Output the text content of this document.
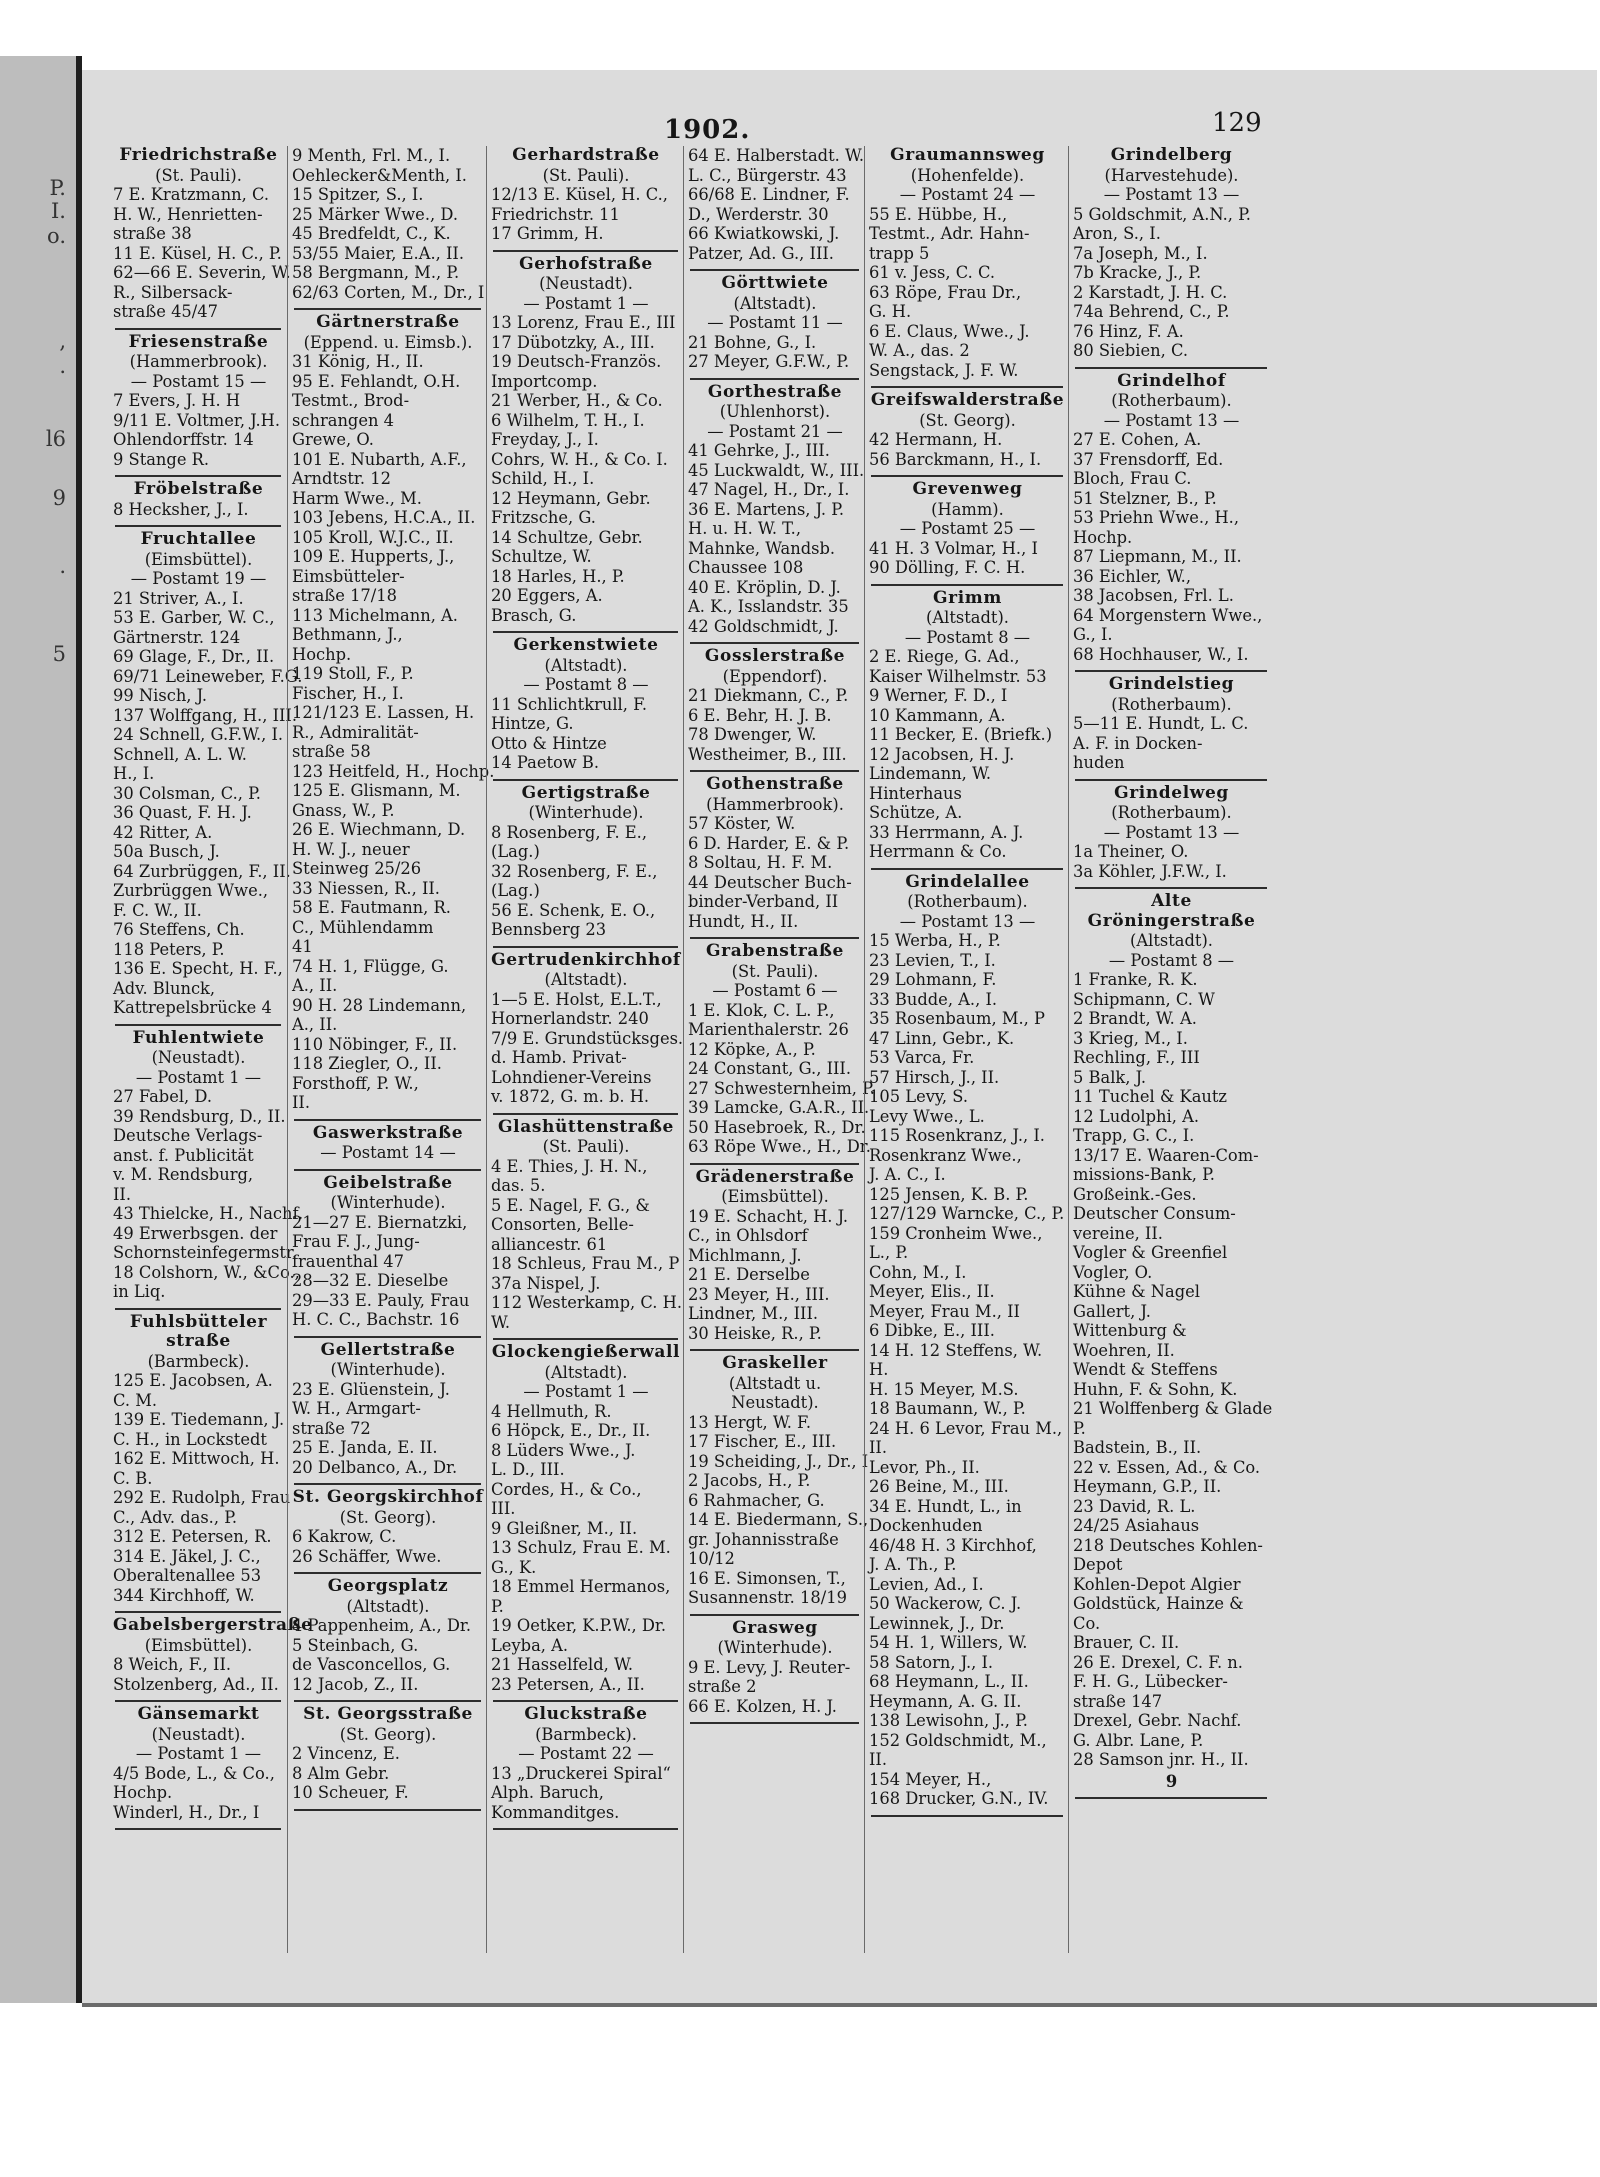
P.
I.
o.
,
.
l6
9
.
5
1902.	129
Friedrichstraße
(St. Pauli).
7 E. Kratzmann, C.
H. W., Henrietten-
straße 38
11 E. Küsel, H. C., P.
62—66 E. Severin, W.
R., Silbersack-
straße 45/47
Friesenstraße
(Hammerbrook).
— Postamt 15 —
7 Evers, J. H. H
9/11 E. Voltmer, J.H.
Ohlendorffstr. 14
9 Stange R.
Fröbelstraße
8 Hecksher, J., I.
Fruchtallee
(Eimsbüttel).
— Postamt 19 —
21 Striver, A., I.
53 E. Garber, W. C.,
Gärtnerstr. 124
69 Glage, F., Dr., II.
69/71 Leineweber, F.G.
99 Nisch, J.
137 Wolffgang, H., III.
24 Schnell, G.F.W., I.
Schnell, A. L. W.
H., I.
30 Colsman, C., P.
36 Quast, F. H. J.
42 Ritter, A.
50a Busch, J.
64 Zurbrüggen, F., II.
Zurbrüggen Wwe.,
F. C. W., II.
76 Steffens, Ch.
118 Peters, P.
136 E. Specht, H. F.,
Adv. Blunck,
Kattrepelsbrücke 4
Fuhlentwiete
(Neustadt).
— Postamt 1 —
27 Fabel, D.
39 Rendsburg, D., II.
Deutsche Verlags-
anst. f. Publicität
v. M. Rendsburg,
II.
43 Thielcke, H., Nachf.
49 Erwerbsgen. der
Schornsteinfegermstr.
18 Colshorn, W., &Co.,
in Liq.
Fuhlsbütteler straße
(Barmbeck).
125 E. Jacobsen, A.
C. M.
139 E. Tiedemann, J.
C. H., in Lockstedt
162 E. Mittwoch, H.
C. B.
292 E. Rudolph, Frau
C., Adv. das., P.
312 E. Petersen, R.
314 E. Jäkel, J. C.,
Oberaltenallee 53
344 Kirchhoff, W.
Gabelsbergerstraße
(Eimsbüttel).
8 Weich, F., II.
Stolzenberg, Ad., II.
Gänsemarkt
(Neustadt).
— Postamt 1 —
4/5 Bode, L., & Co.,
Hochp.
Winderl, H., Dr., I
9 Menth, Frl. M., I.
Oehlecker&Menth, I.
15 Spitzer, S., I.
25 Märker Wwe., D.
45 Bredfeldt, C., K.
53/55 Maier, E.A., II.
58 Bergmann, M., P.
62/63 Corten, M., Dr., I
Gärtnerstraße
(Eppend. u. Eimsb.).
31 König, H., II.
95 E. Fehlandt, O.H.
Testmt., Brod-
schrangen 4
Grewe, O.
101 E. Nubarth, A.F.,
Arndtstr. 12
Harm Wwe., M.
103 Jebens, H.C.A., II.
105 Kroll, W.J.C., II.
109 E. Hupperts, J.,
Eimsbütteler-
straße 17/18
113 Michelmann, A.
Bethmann, J.,
Hochp.
119 Stoll, F., P.
Fischer, H., I.
121/123 E. Lassen, H.
R., Admiralität-
straße 58
123 Heitfeld, H., Hochp.
125 E. Glismann, M.
Gnass, W., P.
26 E. Wiechmann, D.
H. W. J., neuer
Steinweg 25/26
33 Niessen, R., II.
58 E. Fautmann, R.
C., Mühlendamm
41
74 H. 1, Flügge, G.
A., II.
90 H. 28 Lindemann,
A., II.
110 Nöbinger, F., II.
118 Ziegler, O., II.
Forsthoff, P. W.,
II.
Gaswerkstraße
— Postamt 14 —
Geibelstraße
(Winterhude).
21—27 E. Biernatzki,
Frau F. J., Jung-
frauenthal 47
28—32 E. Dieselbe
29—33 E. Pauly, Frau
H. C. C., Bachstr. 16
Gellertstraße
(Winterhude).
23 E. Glüenstein, J.
W. H., Armgart-
straße 72
25 E. Janda, E. II.
20 Delbanco, A., Dr.
St. Georgskirchhof
(St. Georg).
6 Kakrow, C.
26 Schäffer, Wwe.
Georgsplatz
(Altstadt).
4 Pappenheim, A., Dr.
5 Steinbach, G.
de Vasconcellos, G.
12 Jacob, Z., II.
St. Georgsstraße
(St. Georg).
2 Vincenz, E.
8 Alm Gebr.
10 Scheuer, F.
Gerhardstraße
(St. Pauli).
12/13 E. Küsel, H. C.,
Friedrichstr. 11
17 Grimm, H.
Gerhofstraße
(Neustadt).
— Postamt 1 —
13 Lorenz, Frau E., III
17 Dübotzky, A., III.
19 Deutsch-Französ.
Importcomp.
21 Werber, H., & Co.
6 Wilhelm, T. H., I.
Freyday, J., I.
Cohrs, W. H., & Co. I.
Schild, H., I.
12 Heymann, Gebr.
Fritzsche, G.
14 Schultze, Gebr.
Schultze, W.
18 Harles, H., P.
20 Eggers, A.
Brasch, G.
Gerkenstwiete
(Altstadt).
— Postamt 8 —
11 Schlichtkrull, F.
Hintze, G.
Otto & Hintze
14 Paetow B.
Gertigstraße
(Winterhude).
8 Rosenberg, F. E.,
(Lag.)
32 Rosenberg, F. E.,
(Lag.)
56 E. Schenk, E. O.,
Bennsberg 23
Gertrudenkirchhof
(Altstadt).
1—5 E. Holst, E.L.T.,
Hornerlandstr. 240
7/9 E. Grundstücksges.
d. Hamb. Privat-
Lohndiener-Vereins
v. 1872, G. m. b. H.
Glashüttenstraße
(St. Pauli).
4 E. Thies, J. H. N.,
das. 5.
5 E. Nagel, F. G., &
Consorten, Belle-
alliancestr. 61
18 Schleus, Frau M., P
37a Nispel, J.
112 Westerkamp, C. H.
W.
Glockengießerwall
(Altstadt).
— Postamt 1 —
4 Hellmuth, R.
6 Höpck, E., Dr., II.
8 Lüders Wwe., J.
L. D., III.
Cordes, H., & Co.,
III.
9 Gleißner, M., II.
13 Schulz, Frau E. M.
G., K.
18 Emmel Hermanos,
P.
19 Oetker, K.P.W., Dr.
Leyba, A.
21 Hasselfeld, W.
23 Petersen, A., II.
Gluckstraße
(Barmbeck).
— Postamt 22 —
13 „Druckerei Spiral“
Alph. Baruch,
Kommanditges.
64 E. Halberstadt. W.
L. C., Bürgerstr. 43
66/68 E. Lindner, F.
D., Werderstr. 30
66 Kwiatkowski, J.
Patzer, Ad. G., III.
Görttwiete
(Altstadt).
— Postamt 11 —
21 Bohne, G., I.
27 Meyer, G.F.W., P.
Gorthestraße
(Uhlenhorst).
— Postamt 21 —
41 Gehrke, J., III.
45 Luckwaldt, W., III.
47 Nagel, H., Dr., I.
36 E. Martens, J. P.
H. u. H. W. T.,
Mahnke, Wandsb.
Chaussee 108
40 E. Kröplin, D. J.
A. K., Isslandstr. 35
42 Goldschmidt, J.
Gosslerstraße
(Eppendorf).
21 Diekmann, C., P.
6 E. Behr, H. J. B.
78 Dwenger, W.
Westheimer, B., III.
Gothenstraße
(Hammerbrook).
57 Köster, W.
6 D. Harder, E. & P.
8 Soltau, H. F. M.
44 Deutscher Buch-
binder-Verband, II
Hundt, H., II.
Grabenstraße
(St. Pauli).
— Postamt 6 —
1 E. Klok, C. L. P.,
Marienthalerstr. 26
12 Köpke, A., P.
24 Constant, G., III.
27 Schwesternheim, P.
39 Lamcke, G.A.R., II.
50 Hasebroek, R., Dr.
63 Röpe Wwe., H., Dr.
Grädenerstraße
(Eimsbüttel).
19 E. Schacht, H. J.
C., in Ohlsdorf
Michlmann, J.
21 E. Derselbe
23 Meyer, H., III.
Lindner, M., III.
30 Heiske, R., P.
Graskeller
(Altstadt u. Neustadt).
13 Hergt, W. F.
17 Fischer, E., III.
19 Scheiding, J., Dr., I
2 Jacobs, H., P.
6 Rahmacher, G.
14 E. Biedermann, S.,
gr. Johannisstraße
10/12
16 E. Simonsen, T.,
Susannenstr. 18/19
Grasweg
(Winterhude).
9 E. Levy, J. Reuter-
straße 2
66 E. Kolzen, H. J.
Graumannsweg
(Hohenfelde).
— Postamt 24 —
55 E. Hübbe, H.,
Testmt., Adr. Hahn-
trapp 5
61 v. Jess, C. C.
63 Röpe, Frau Dr.,
G. H.
6 E. Claus, Wwe., J.
W. A., das. 2
Sengstack, J. F. W.
Greifswalderstraße
(St. Georg).
42 Hermann, H.
56 Barckmann, H., I.
Grevenweg
(Hamm).
— Postamt 25 —
41 H. 3 Volmar, H., I
90 Dölling, F. C. H.
Grimm
(Altstadt).
— Postamt 8 —
2 E. Riege, G. Ad.,
Kaiser Wilhelmstr. 53
9 Werner, F. D., I
10 Kammann, A.
11 Becker, E. (Briefk.)
12 Jacobsen, H. J.
Lindemann, W.
Hinterhaus
Schütze, A.
33 Herrmann, A. J.
Herrmann & Co.
Grindelallee
(Rotherbaum).
— Postamt 13 —
15 Werba, H., P.
23 Levien, T., I.
29 Lohmann, F.
33 Budde, A., I.
35 Rosenbaum, M., P
47 Linn, Gebr., K.
53 Varca, Fr.
57 Hirsch, J., II.
105 Levy, S.
Levy Wwe., L.
115 Rosenkranz, J., I.
Rosenkranz Wwe.,
J. A. C., I.
125 Jensen, K. B. P.
127/129 Warncke, C., P.
159 Cronheim Wwe.,
L., P.
Cohn, M., I.
Meyer, Elis., II.
Meyer, Frau M., II
6 Dibke, E., III.
14 H. 12 Steffens, W.
H.
H. 15 Meyer, M.S.
18 Baumann, W., P.
24 H. 6 Levor, Frau M.,
II.
Levor, Ph., II.
26 Beine, M., III.
34 E. Hundt, L., in
Dockenhuden
46/48 H. 3 Kirchhof,
J. A. Th., P.
Levien, Ad., I.
50 Wackerow, C. J.
Lewinnek, J., Dr.
54 H. 1, Willers, W.
58 Satorn, J., I.
68 Heymann, L., II.
Heymann, A. G. II.
138 Lewisohn, J., P.
152 Goldschmidt, M.,
II.
154 Meyer, H.,
168 Drucker, G.N., IV.
Grindelberg
(Harvestehude).
— Postamt 13 —
5 Goldschmit, A.N., P.
Aron, S., I.
7a Joseph, M., I.
7b Kracke, J., P.
2 Karstadt, J. H. C.
74a Behrend, C., P.
76 Hinz, F. A.
80 Siebien, C.
Grindelhof
(Rotherbaum).
— Postamt 13 —
27 E. Cohen, A.
37 Frensdorff, Ed.
Bloch, Frau C.
51 Stelzner, B., P.
53 Priehn Wwe., H.,
Hochp.
87 Liepmann, M., II.
36 Eichler, W.,
38 Jacobsen, Frl. L.
64 Morgenstern Wwe.,
G., I.
68 Hochhauser, W., I.
Grindelstieg
(Rotherbaum).
5—11 E. Hundt, L. C.
A. F. in Docken-
huden
Grindelweg
(Rotherbaum).
— Postamt 13 —
1a Theiner, O.
3a Köhler, J.F.W., I.
Alte Gröningerstraße
(Altstadt).
— Postamt 8 —
1 Franke, R. K.
Schipmann, C. W
2 Brandt, W. A.
3 Krieg, M., I.
Rechling, F., III
5 Balk, J.
11 Tuchel & Kautz
12 Ludolphi, A.
Trapp, G. C., I.
13/17 E. Waaren-Com-
missions-Bank, P.
Großeink.-Ges.
Deutscher Consum-
vereine, II.
Vogler & Greenfiel
Vogler, O.
Kühne & Nagel
Gallert, J.
Wittenburg &
Woehren, II.
Wendt & Steffens
Huhn, F. & Sohn, K.
21 Wolffenberg & Glade
P.
Badstein, B., II.
22 v. Essen, Ad., & Co.
Heymann, G.P., II.
23 David, R. L.
24/25 Asiahaus
218 Deutsches Kohlen-
Depot
Kohlen-Depot Algier
Goldstück, Hainze &
Co.
Brauer, C. II.
26 E. Drexel, C. F. n.
F. H. G., Lübecker-
straße 147
Drexel, Gebr. Nachf.
G. Albr. Lane, P.
28 Samson jnr. H., II.
9
